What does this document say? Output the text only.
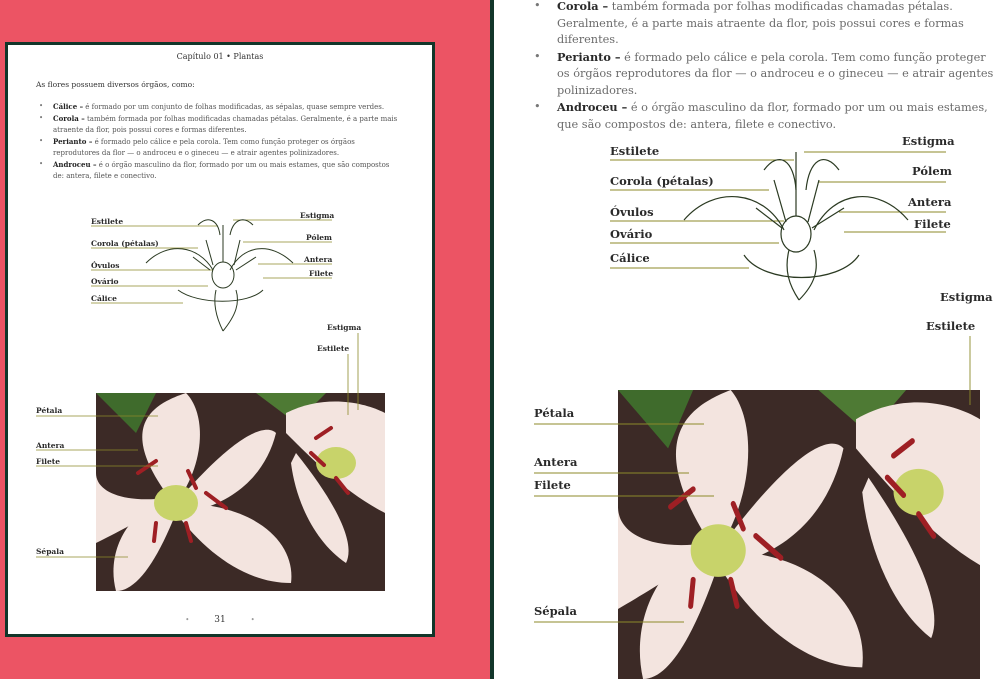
Capítulo 01 • Plantas
As flores possuem diversos órgãos, como:
• Cálice – é formado por um conjunto de folhas modificadas, as sépalas, quase sempre verdes.
• Corola – também formada por folhas modificadas chamadas pétalas. Geralmente, é a parte mais atraente da flor, pois possui cores e formas diferentes.
• Perianto – é formado pelo cálice e pela corola. Tem como função proteger os órgãos reprodutores da flor — o androceu e o gineceu — e atrair agentes polinizadores.
• Androceu – é o órgão masculino da flor, formado por um ou mais estames, que são compostos de: antera, filete e conectivo.
Estilete
Corola (pétalas)
Óvulos
Ovário
Cálice
Estigma
Pólem
Antera
Filete
Estigma
Estilete
Pétala
Antera
Filete
Sépala
•	31	•
• Corola – também formada por folhas modificadas chamadas pétalas. Geralmente, é a parte mais atraente da flor, pois possui cores e formas diferentes.
• Perianto – é formado pelo cálice e pela corola. Tem como função proteger os órgãos reprodutores da flor — o androceu e o gineceu — e atrair agentes polinizadores.
• Androceu – é o órgão masculino da flor, formado por um ou mais estames, que são compostos de: antera, filete e conectivo.
Estilete
Corola (pétalas)
Óvulos
Ovário
Cálice
Estigma
Pólem
Antera
Filete
Estigma
Estilete
Pétala
Antera
Filete
Sépala
